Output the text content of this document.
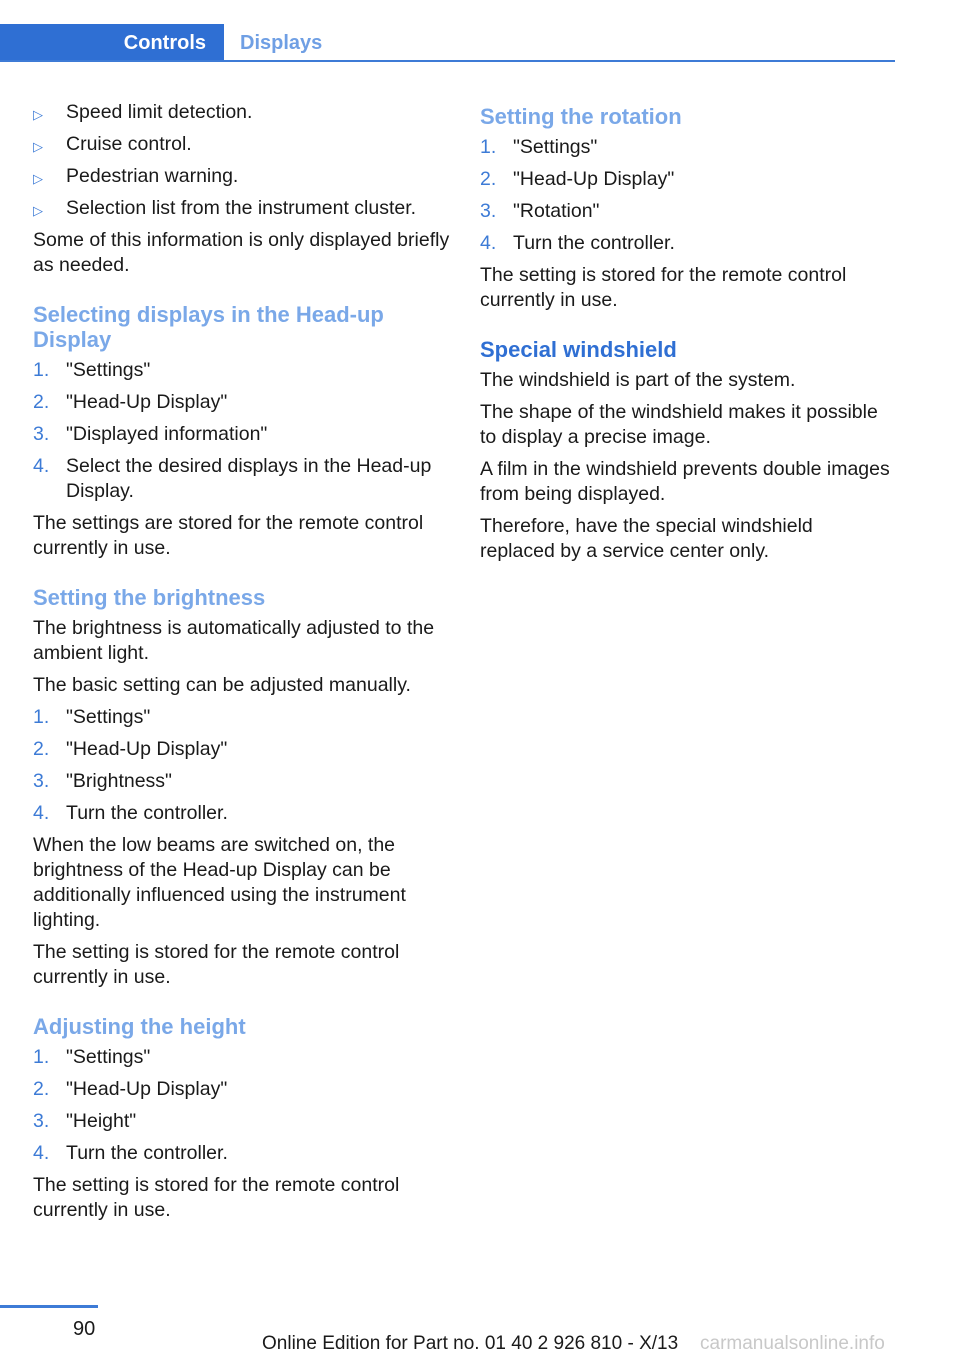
Controls Displays
▷ Speed limit detection.
▷ Cruise control.
▷ Pedestrian warning.
▷ Selection list from the instrument cluster.

Some of this information is only displayed briefly as needed.

Selecting displays in the Head-up Display
1. "Settings"
2. "Head-Up Display"
3. "Displayed information"
4. Select the desired displays in the Head-up Display.

The settings are stored for the remote control currently in use.

Setting the brightness

The brightness is automatically adjusted to the ambient light.

The basic setting can be adjusted manually.

1. "Settings"
2. "Head-Up Display"
3. "Brightness"
4. Turn the controller.

When the low beams are switched on, the brightness of the Head-up Display can be additionally influenced using the instrument lighting.

The setting is stored for the remote control currently in use.

Adjusting the height
1. "Settings"
2. "Head-Up Display"
3. "Height"
4. Turn the controller.

The setting is stored for the remote control currently in use.

Setting the rotation
1. "Settings"
2. "Head-Up Display"
3. "Rotation"
4. Turn the controller.

The setting is stored for the remote control currently in use.

Special windshield

The windshield is part of the system.

The shape of the windshield makes it possible to display a precise image.

A film in the windshield prevents double images from being displayed.

Therefore, have the special windshield replaced by a service center only.

90
Online Edition for Part no. 01 40 2 926 810 - X/13 carmanualsonline.info
